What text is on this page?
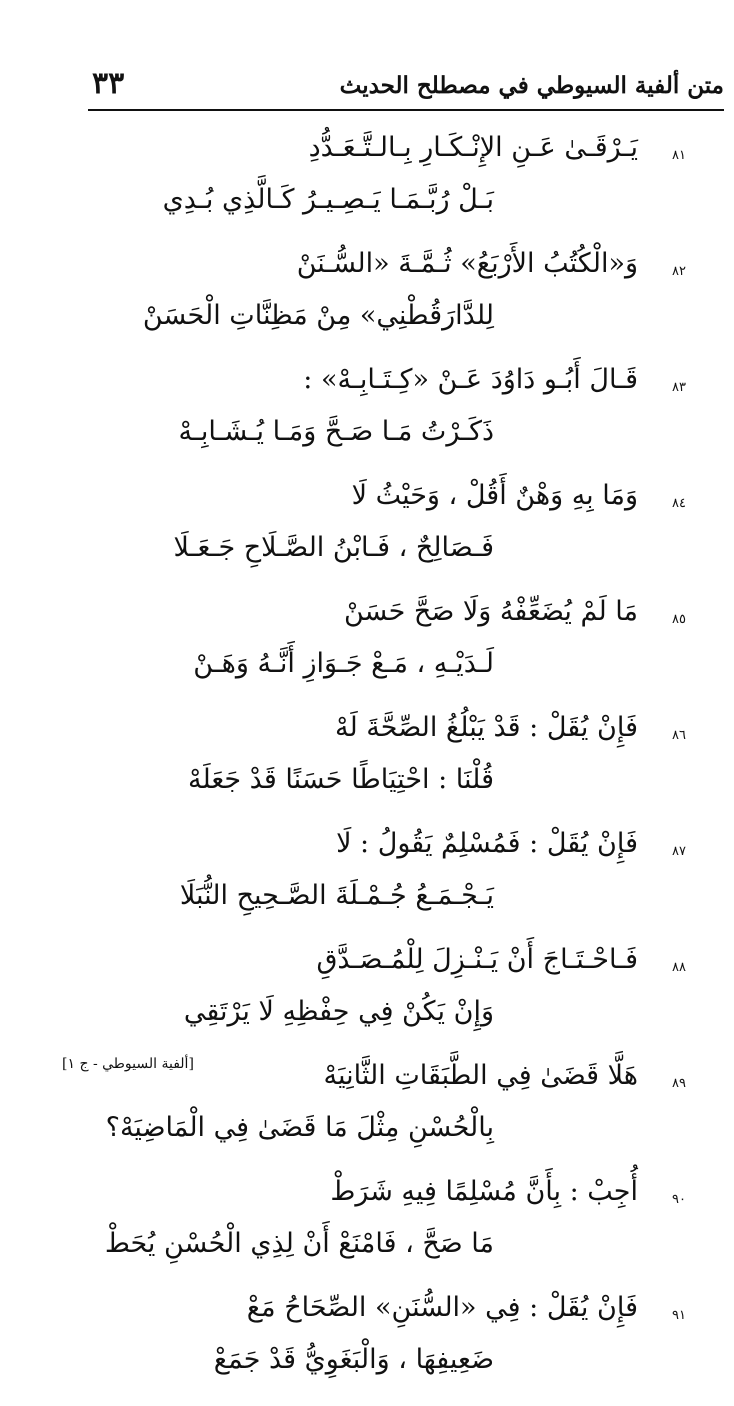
متن ألفية السيوطي في مصطلح الحديث
٣٣
٨١
يَـرْقَـىٰ عَـنِ الإِنْـكَـارِ بِـالـتَّـعَـدُّدِ
بَـلْ رُبَّـمَـا يَـصِـيـرُ كَـالَّذِي بُـدِي
٨٢
وَ«الْكُتُبُ الأَرْبَعُ» ثُـمَّـةَ «السُّـنَنْ
لِلدَّارَقُطْنِي» مِنْ مَظِنَّاتِ الْحَسَنْ
٨٣
قَـالَ أَبُـو دَاوُدَ عَـنْ «كِـتَـابِـهْ» :
ذَكَـرْتُ مَـا صَـحَّ وَمَـا يُـشَـابِـهْ
٨٤
وَمَا بِهِ وَهْنٌ أَقُلْ ، وَحَيْثُ لَا
فَـصَالِحٌ ، فَـابْنُ الصَّـلَاحِ جَـعَـلَا
٨٥
مَا لَمْ يُضَعِّفْهُ وَلَا صَحَّ حَسَنْ
لَـدَيْـهِ ، مَـعْ جَـوَازِ أَنَّـهُ وَهَـنْ
٨٦
فَإِنْ يُقَلْ : قَدْ يَبْلُغُ الصِّحَّةَ لَهْ
قُلْنَا : احْتِيَاطًا حَسَنًا قَدْ جَعَلَهْ
٨٧
فَإِنْ يُقَلْ : فَمُسْلِمٌ يَقُولُ : لَا
يَـجْـمَـعُ جُـمْـلَةَ الصَّـحِيحِ النُّبَلَا
٨٨
فَـاحْـتَـاجَ أَنْ يَـنْـزِلَ لِلْمُـصَـدَّقِ
وَإِنْ يَكُنْ فِي حِفْظِهِ لَا يَرْتَقِي
٨٩
هَلَّا قَضَىٰ فِي الطَّبَقَاتِ الثَّانِيَهْ
بِالْحُسْنِ مِثْلَ مَا قَضَىٰ فِي الْمَاضِيَهْ؟
٩٠
أُجِبْ : بِأَنَّ مُسْلِمًا فِيهِ شَرَطْ
مَا صَحَّ ، فَامْنَعْ أَنْ لِذِي الْحُسْنِ يُحَطْ
٩١
فَإِنْ يُقَلْ : فِي «السُّنَنِ» الصِّحَاحُ مَعْ
ضَعِيفِهَا ، وَالْبَغَوِيُّ قَدْ جَمَعْ
[ألفية السيوطي - ج ١]
